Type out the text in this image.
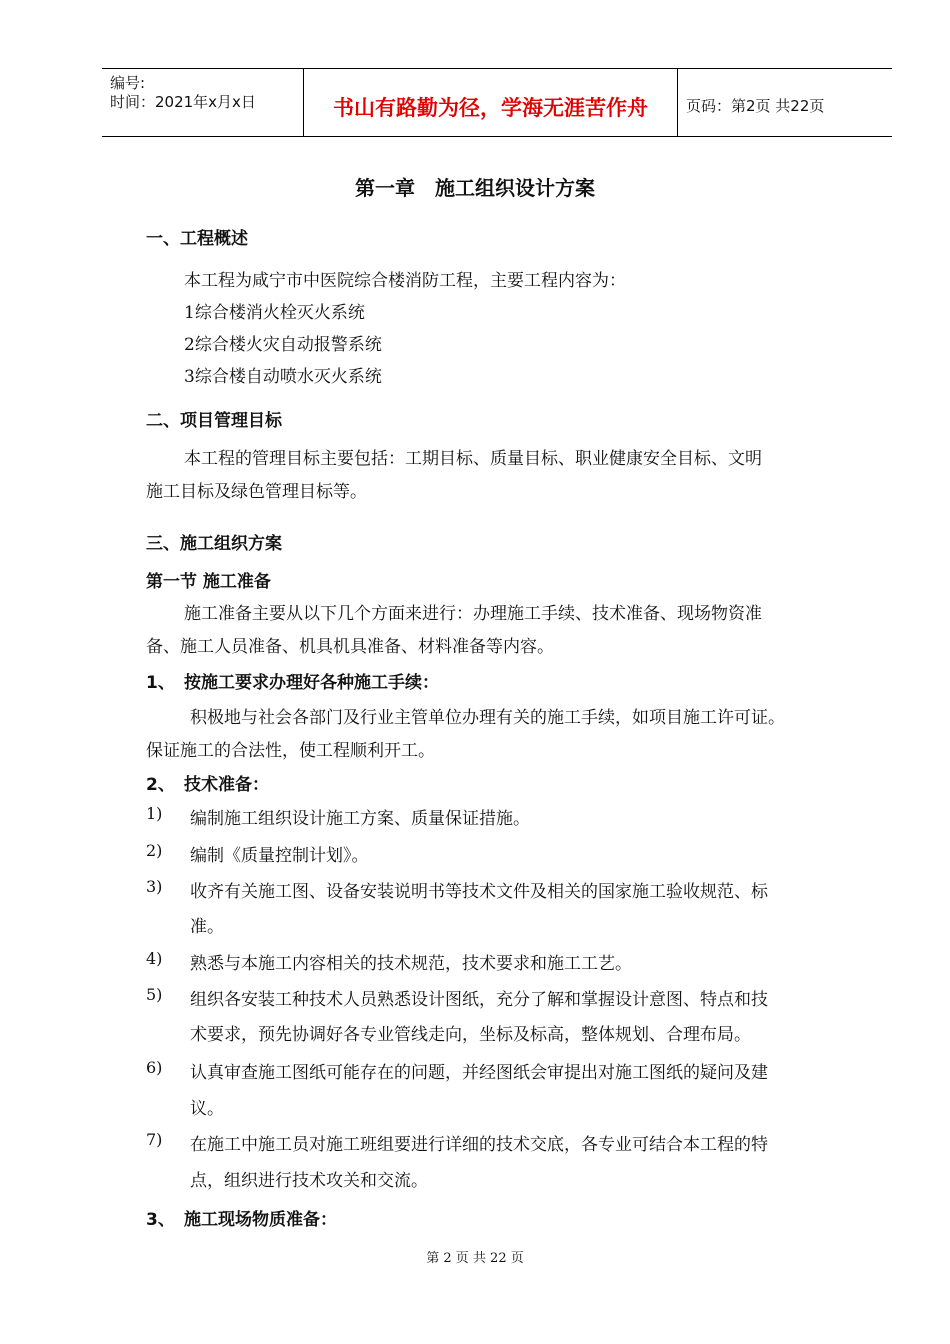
编号:
时间：2021年x月x日	书山有路勤为径，学海无涯苦作舟	页码：第2页 共22页
第一章　施工组织设计方案
一、工程概述
本工程为咸宁市中医院综合楼消防工程，主要工程内容为：
1综合楼消火栓灭火系统
2综合楼火灾自动报警系统
3综合楼自动喷水灭火系统
二、项目管理目标
本工程的管理目标主要包括：工期目标、质量目标、职业健康安全目标、文明
施工目标及绿色管理目标等。
三、施工组织方案
第一节 施工准备
施工准备主要从以下几个方面来进行：办理施工手续、技术准备、现场物资准
备、施工人员准备、机具机具准备、材料准备等内容。
1、 按施工要求办理好各种施工手续：
积极地与社会各部门及行业主管单位办理有关的施工手续，如项目施工许可证。
保证施工的合法性，使工程顺利开工。
2、 技术准备：
1) 编制施工组织设计施工方案、质量保证措施。
2) 编制《质量控制计划》。
3) 收齐有关施工图、设备安装说明书等技术文件及相关的国家施工验收规范、标
准。
4) 熟悉与本施工内容相关的技术规范，技术要求和施工工艺。
5) 组织各安装工种技术人员熟悉设计图纸，充分了解和掌握设计意图、特点和技
术要求，预先协调好各专业管线走向，坐标及标高，整体规划、合理布局。
6) 认真审查施工图纸可能存在的问题，并经图纸会审提出对施工图纸的疑问及建
议。
7) 在施工中施工员对施工班组要进行详细的技术交底，各专业可结合本工程的特
点，组织进行技术攻关和交流。
3、 施工现场物质准备：
第 2 页 共 22 页
